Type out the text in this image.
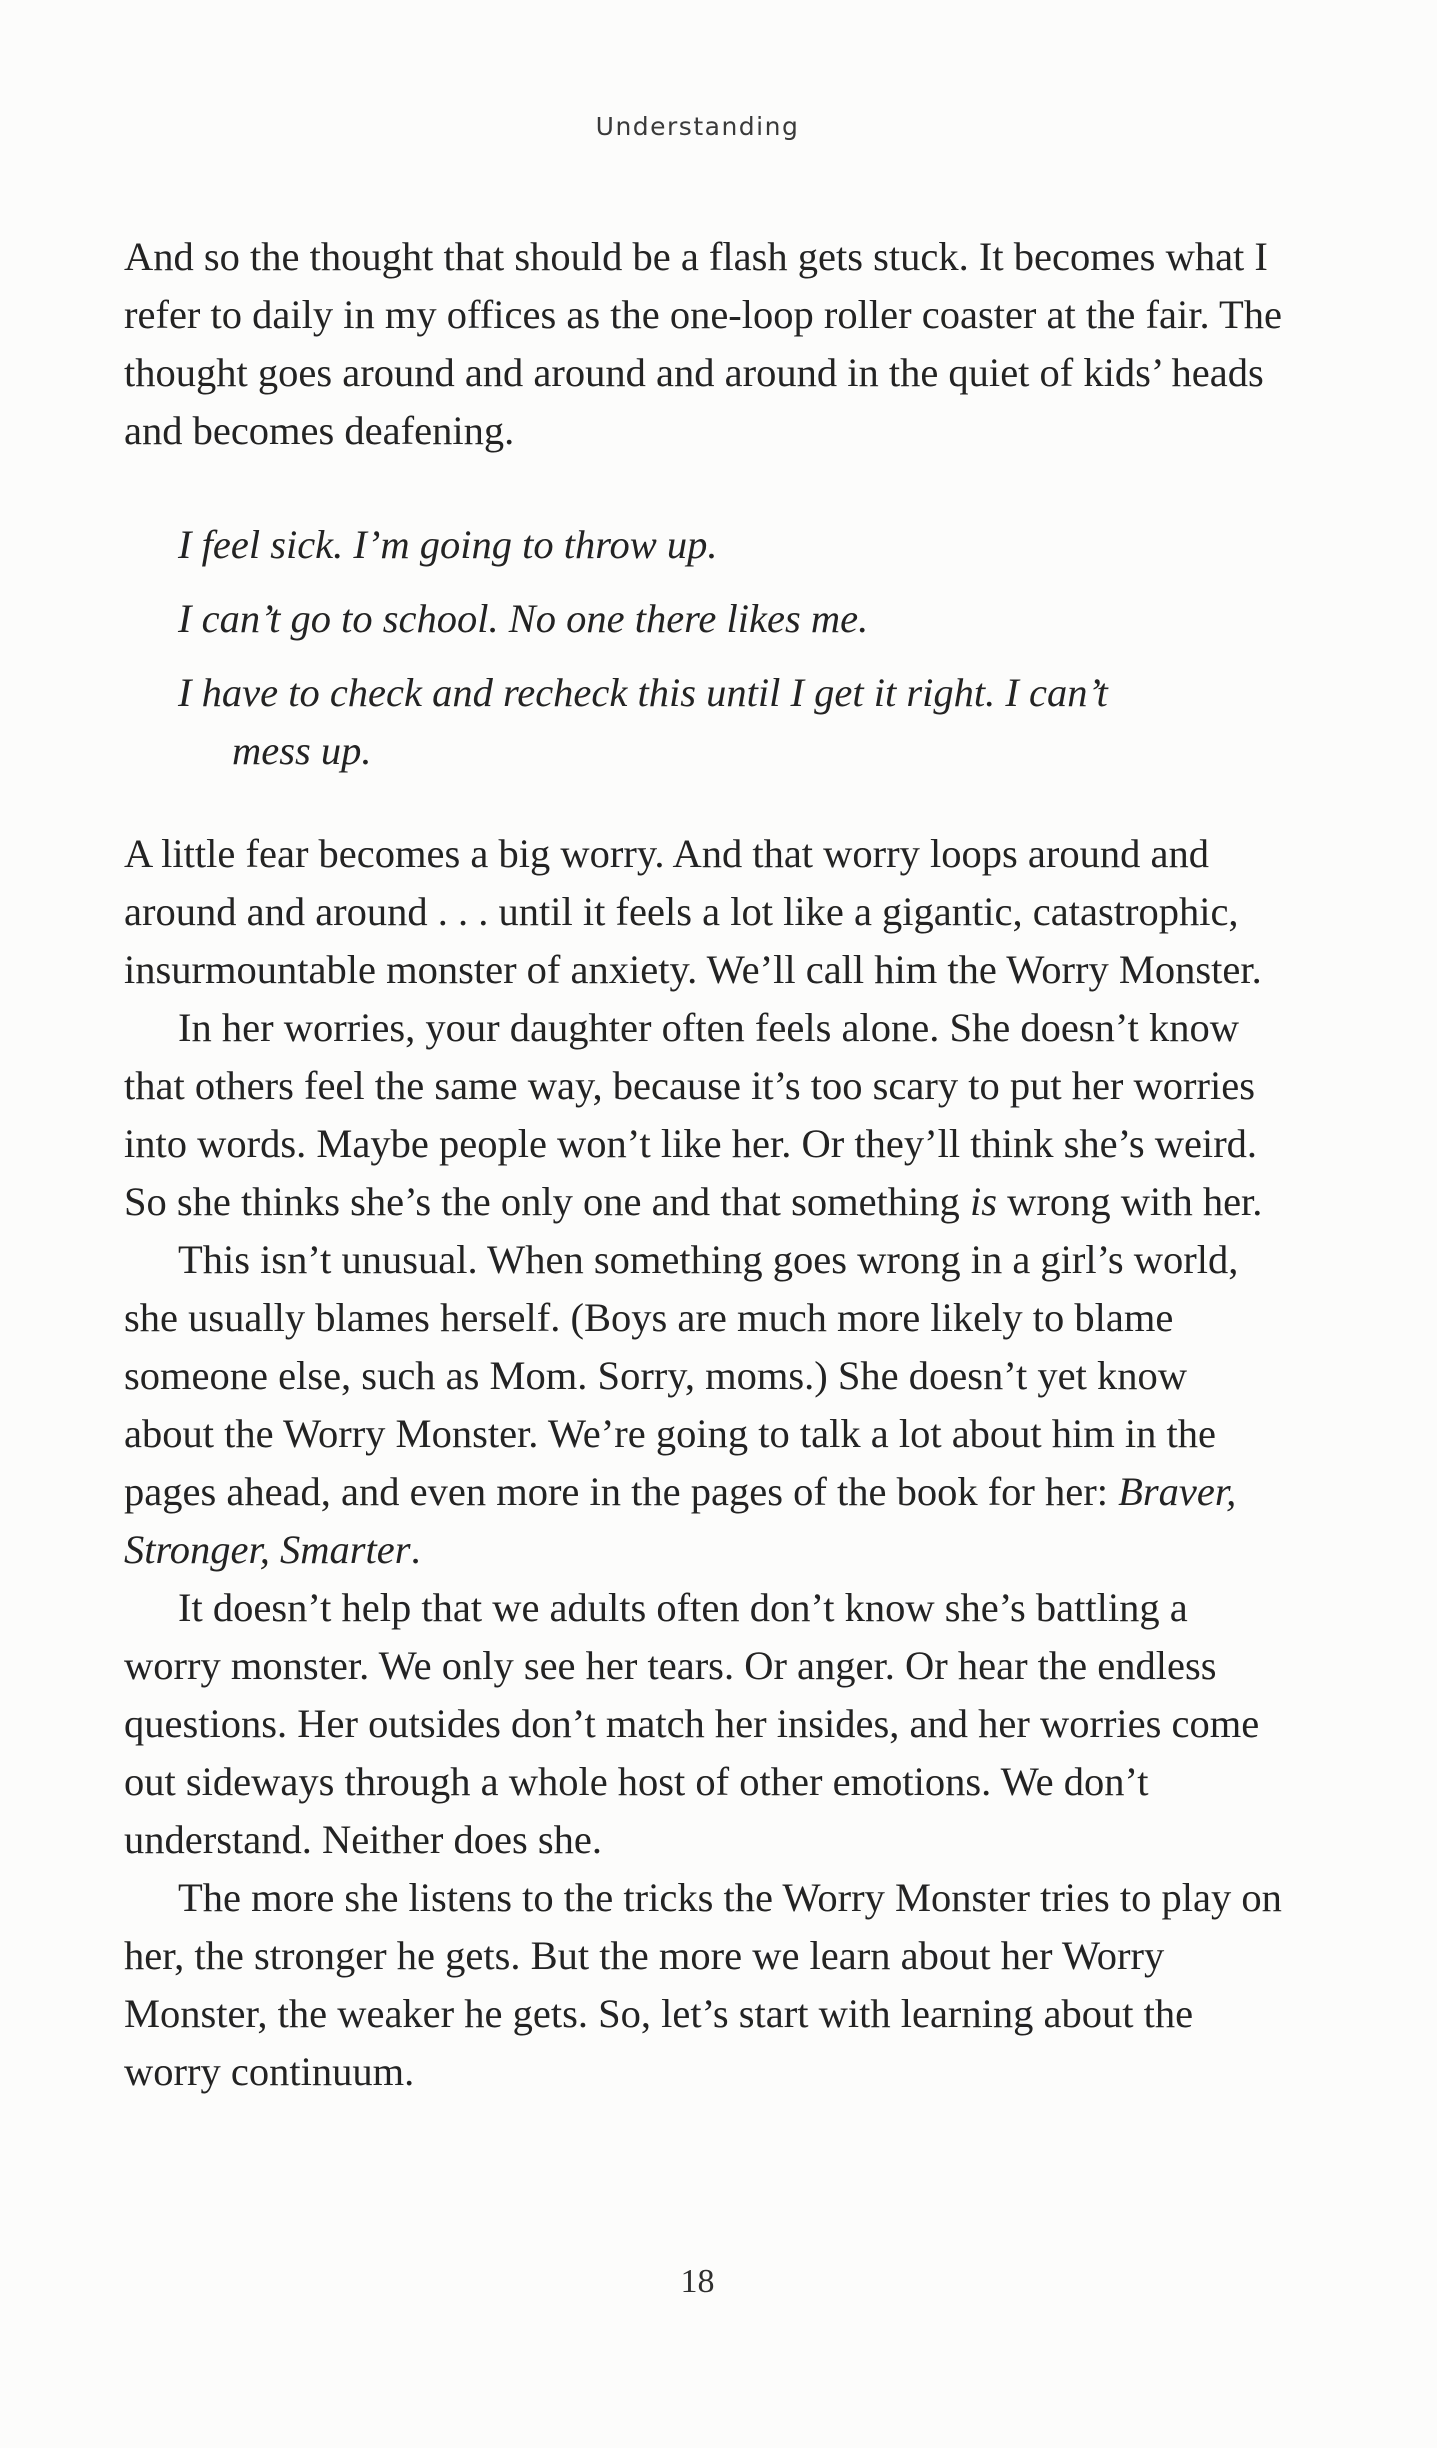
Understanding

And so the thought that should be a flash gets stuck. It becomes what I refer to daily in my offices as the one-loop roller coaster at the fair. The thought goes around and around and around in the quiet of kids’ heads and becomes deafening.

I feel sick. I’m going to throw up.

I can’t go to school. No one there likes me.

I have to check and recheck this until I get it right. I can’t

mess up.

A little fear becomes a big worry. And that worry loops around and around and around . . . until it feels a lot like a gigantic, catastrophic, insurmountable monster of anxiety. We’ll call him the Worry Monster.

In her worries, your daughter often feels alone. She doesn’t know that others feel the same way, because it’s too scary to put her worries into words. Maybe people won’t like her. Or they’ll think she’s weird. So she thinks she’s the only one and that something is wrong with her.

This isn’t unusual. When something goes wrong in a girl’s world, she usually blames herself. (Boys are much more likely to blame someone else, such as Mom. Sorry, moms.) She doesn’t yet know about the Worry Monster. We’re going to talk a lot about him in the pages ahead, and even more in the pages of the book for her: Braver, Stronger, Smarter.

It doesn’t help that we adults often don’t know she’s battling a worry monster. We only see her tears. Or anger. Or hear the endless questions. Her outsides don’t match her insides, and her worries come out sideways through a whole host of other emotions. We don’t understand. Neither does she.

The more she listens to the tricks the Worry Monster tries to play on her, the stronger he gets. But the more we learn about her Worry Monster, the weaker he gets. So, let’s start with learning about the worry continuum.

18
